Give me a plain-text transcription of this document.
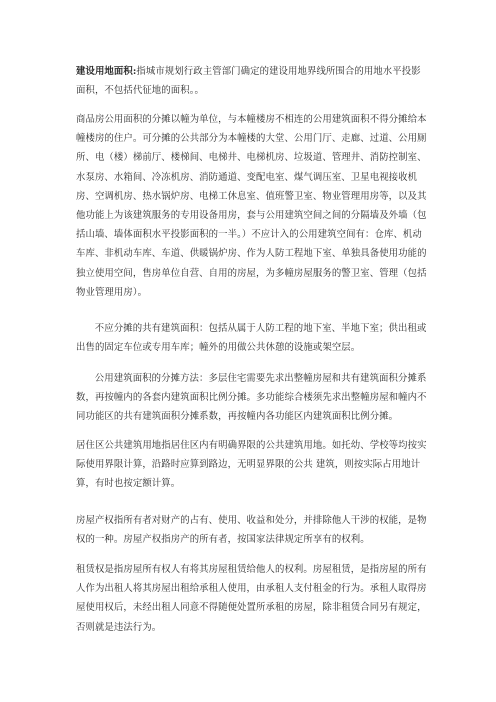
建设用地面积:指城市规划行政主管部门确定的建设用地界线所围合的用地水平投影面积，不包括代征地的面积。。

商品房公用面积的分摊以幢为单位，与本幢楼房不相连的公用建筑面积不得分摊给本幢楼房的住户。可分摊的公共部分为本幢楼的大堂、公用门厅、走廊、过道、公用厕所、电（楼）梯前厅、楼梯间、电梯井、电梯机房、垃圾道、管理井、消防控制室、水泵房、水箱间、冷冻机房、消防通道、变配电室、煤气调压室、卫星电视接收机房、空调机房、热水锅炉房、电梯工休息室、值班警卫室、物业管理用房等，以及其他功能上为该建筑服务的专用设备用房，套与公用建筑空间之间的分隔墙及外墙（包括山墙、墙体面积水平投影面积的一半。）不应计入的公用建筑空间有：仓库、机动车库、非机动车库、车道、供暖锅炉房、作为人防工程地下室、单独具备使用功能的独立使用空间，售房单位自营、自用的房屋，为多幢房屋服务的警卫室、管理（包括物业管理用房）。

不应分摊的共有建筑面积：包括从属于人防工程的地下室、半地下室；供出租或出售的固定车位或专用车库；幢外的用做公共休憩的设施或架空层。

公用建筑面积的分摊方法：多层住宅需要先求出整幢房屋和共有建筑面积分摊系数，再按幢内的各套内建筑面积比例分摊。多功能综合楼须先求出整幢房屋和幢内不同功能区的共有建筑面积分摊系数，再按幢内各功能区内建筑面积比例分摊。

居住区公共建筑用地指居住区内有明确界限的公共建筑用地。如托幼、学校等均按实际使用界限计算，沿路时应算到路边，无明显界限的公共 建筑，则按实际占用地计算，有时也按定额计算。

房屋产权指所有者对财产的占有、使用、收益和处分，并排除他人干涉的权能，是物权的一种。房屋产权指房产的所有者，按国家法律规定所享有的权利。

租赁权是指房屋所有权人有将其房屋租赁给他人的权利。房屋租赁，是指房屋的所有人作为出租人将其房屋出租给承租人使用，由承租人支付租金的行为。承租人取得房屋使用权后，未经出租人同意不得随便处置所承租的房屋，除非租赁合同另有规定，否则就是违法行为。
